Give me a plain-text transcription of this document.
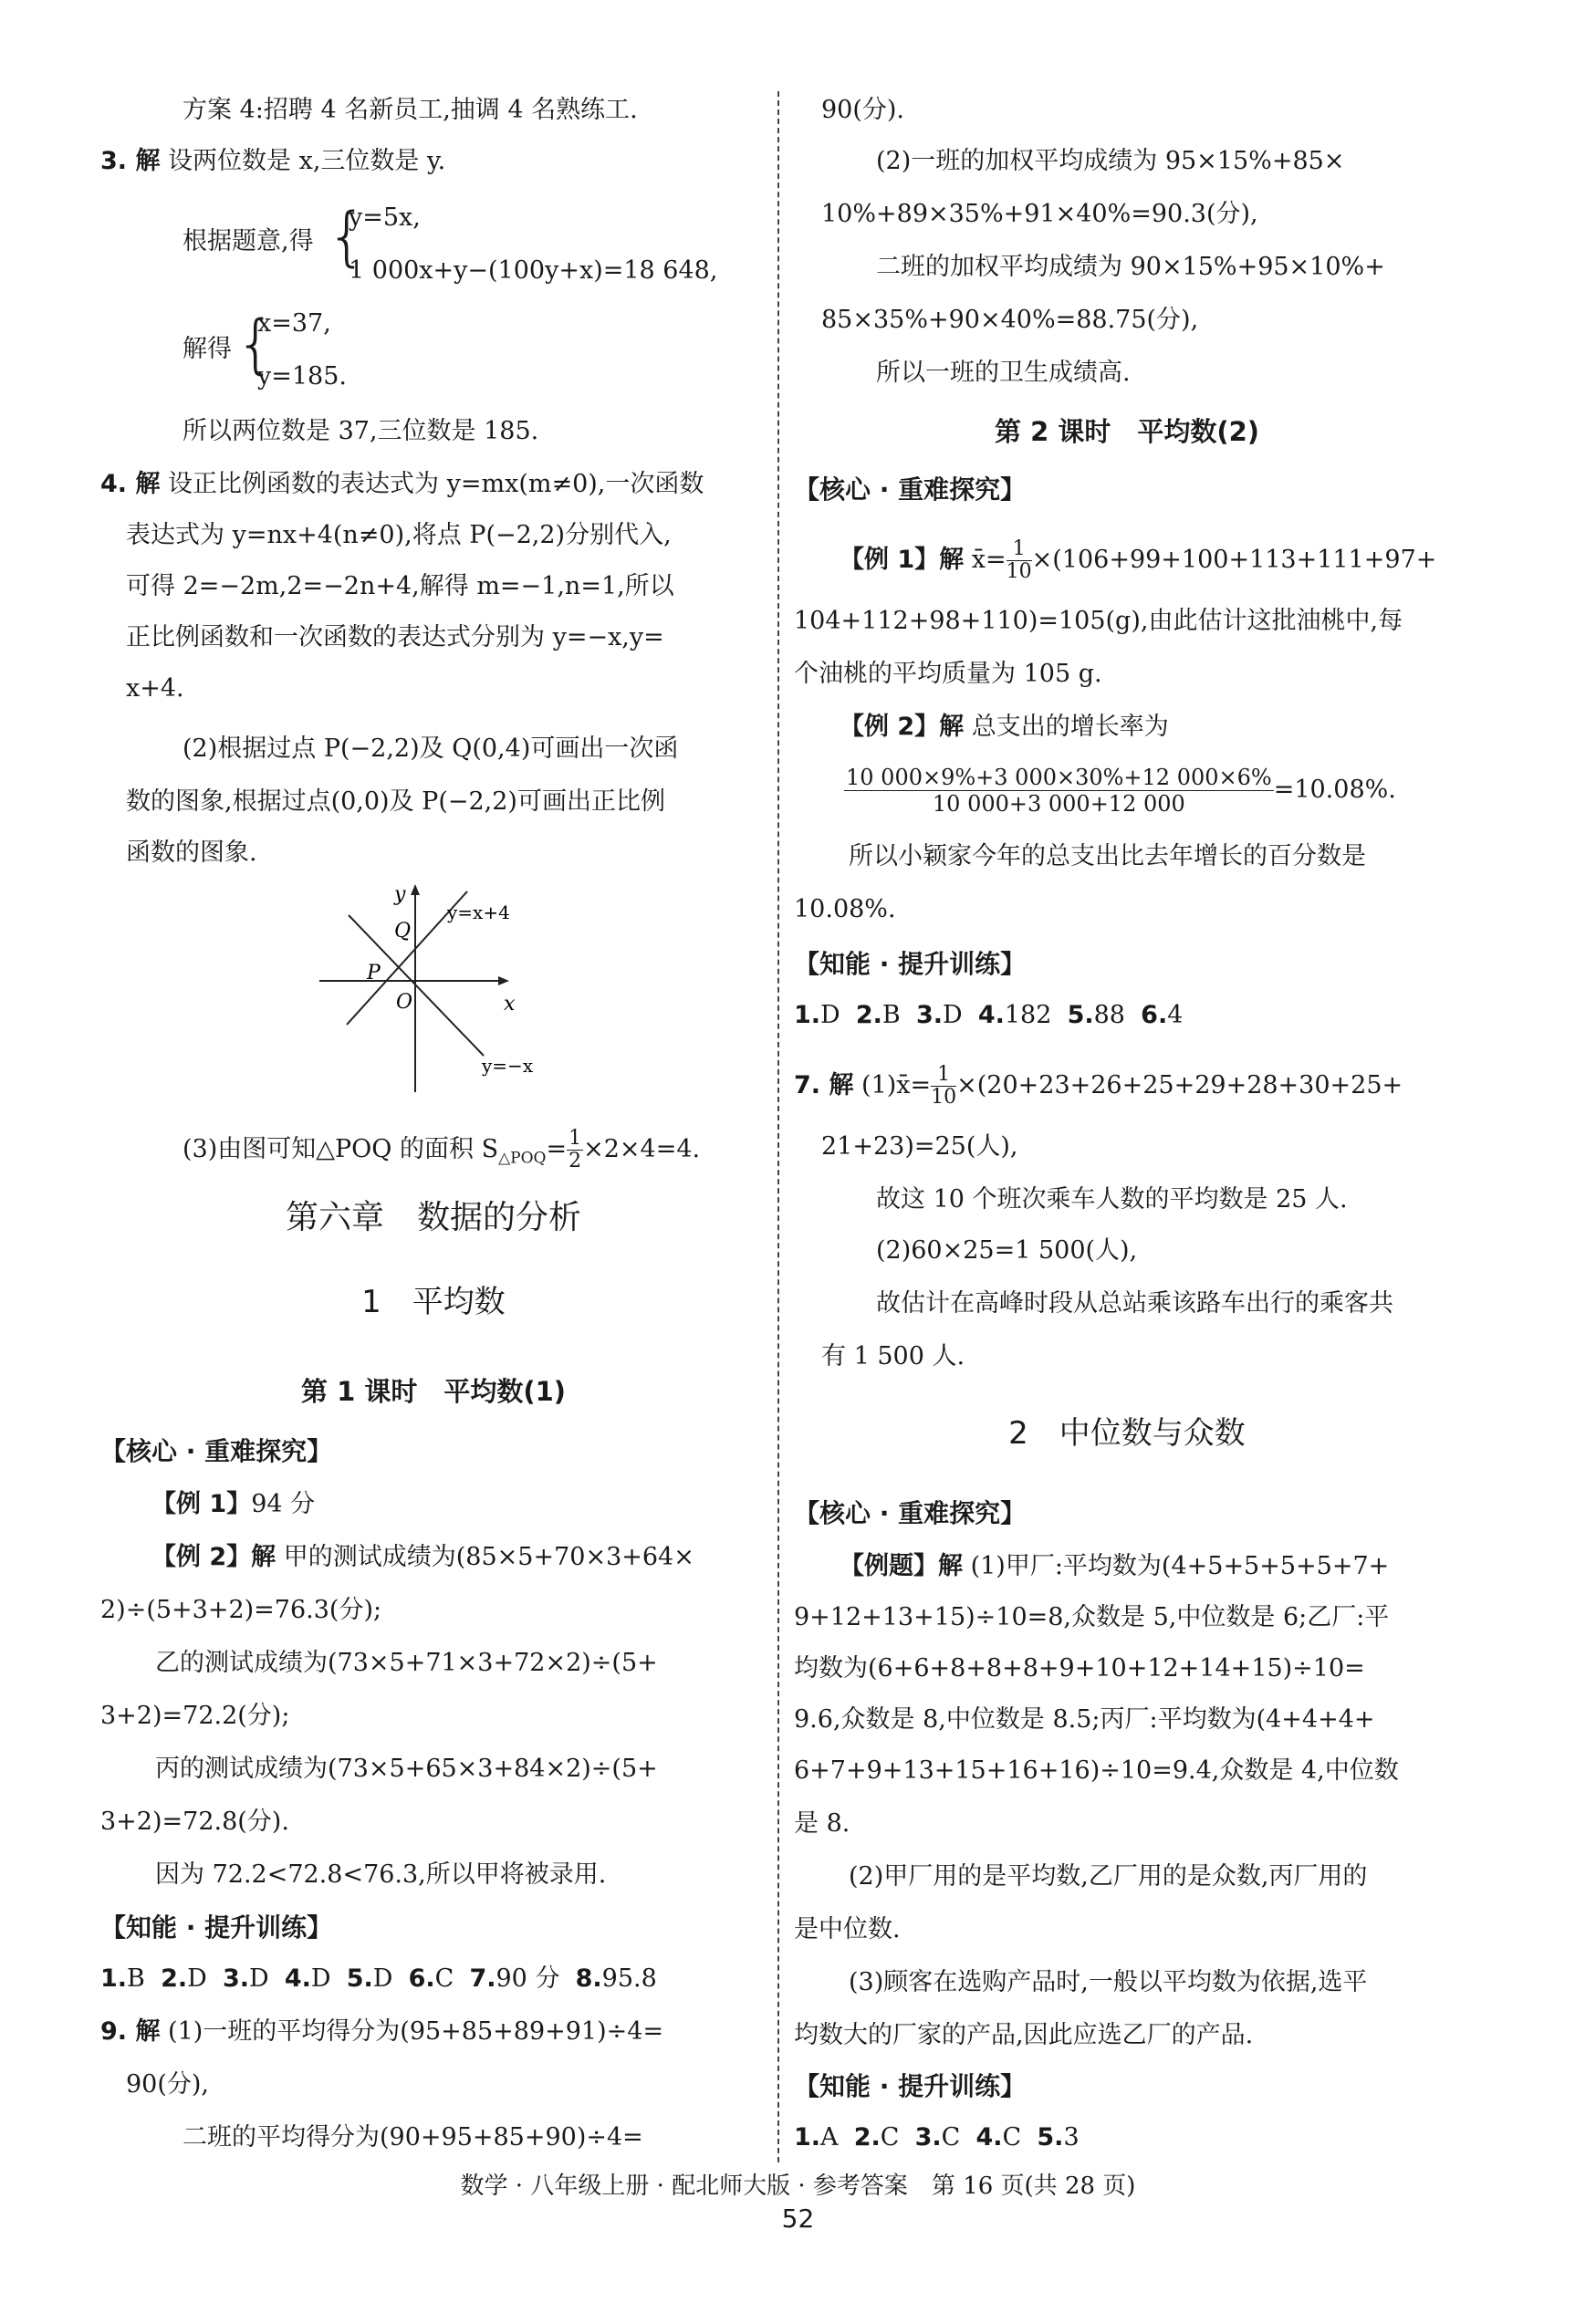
方案 4:招聘 4 名新员工,抽调 4 名熟练工.
3. 解 设两位数是 x,三位数是 y.
根据题意,得 {
y=5x,
1 000x+y−(100y+x)=18 648,
解得 {
x=37,
y=185.
所以两位数是 37,三位数是 185.
4. 解 设正比例函数的表达式为 y=mx(m≠0),一次函数
表达式为 y=nx+4(n≠0),将点 P(−2,2)分别代入,
可得 2=−2m,2=−2n+4,解得 m=−1,n=1,所以
正比例函数和一次函数的表达式分别为 y=−x,y=
x+4.
(2)根据过点 P(−2,2)及 Q(0,4)可画出一次函
数的图象,根据过点(0,0)及 P(−2,2)可画出正比例
函数的图象.
x
y
O
P
Q
y=x+4
y=−x
(3)由图可知△POQ 的面积 $S_{\triangle POQ}= \frac{1}{2} \times 2\times 4=4$.
第六章　数据的分析
1　平均数
第 1 课时　平均数(1)
【核心 · 重难探究】
【例 1】94 分
【例 2】解 甲的测试成绩为(85×5+70×3+64×
2)÷(5+3+2)=76.3(分);
乙的测试成绩为(73×5+71×3+72×2)÷(5+
3+2)=72.2(分);
丙的测试成绩为(73×5+65×3+84×2)÷(5+
3+2)=72.8(分).
因为 72.2<72.8<76.3,所以甲将被录用.
【知能 · 提升训练】
1.B 2.D 3.D 4.D 5.D 6.C 7.90 分 8.95.8
9. 解 (1)一班的平均得分为(95+85+89+91)÷4=
90(分),
二班的平均得分为(90+95+85+90)÷4=
90(分).
(2)一班的加权平均成绩为 95×15%+85×
10%+89×35%+91×40%=90.3(分),
二班的加权平均成绩为 90×15%+95×10%+
85×35%+90×40%=88.75(分),
所以一班的卫生成绩高.
第 2 课时　平均数(2)
【核心 · 重难探究】
【例 1】解 x̄= $\frac{1}{10} \times(106+99+100+113+111+97+$
104+112+98+110)=105(g),由此估计这批油桃中,每
个油桃的平均质量为 105 g.
【例 2】解 总支出的增长率为
$\frac{10 000\times 9\%+3 000\times 30\%+12 000\times 6\%}{10 000+3 000+12 000} =10.08\%$.
所以小颖家今年的总支出比去年增长的百分数是
10.08%.
【知能 · 提升训练】
1.D 2.B 3.D 4.182 5.88 6.4
7. 解 (1)x̄= $\frac{1}{10} \times(20+23+26+25+29+28+30+25+$
21+23)=25(人),
故这 10 个班次乘车人数的平均数是 25 人.
(2)60×25=1 500(人),
故估计在高峰时段从总站乘该路车出行的乘客共
有 1 500 人.
2　中位数与众数
【核心 · 重难探究】
【例题】解 (1)甲厂:平均数为(4+5+5+5+5+7+
9+12+13+15)÷10=8,众数是 5,中位数是 6;乙厂:平
均数为(6+6+8+8+8+9+10+12+14+15)÷10=
9.6,众数是 8,中位数是 8.5;丙厂:平均数为(4+4+4+
6+7+9+13+15+16+16)÷10=9.4,众数是 4,中位数
是 8.
(2)甲厂用的是平均数,乙厂用的是众数,丙厂用的
是中位数.
(3)顾客在选购产品时,一般以平均数为依据,选平
均数大的厂家的产品,因此应选乙厂的产品.
【知能 · 提升训练】
1.A 2.C 3.C 4.C 5.3
数学 · 八年级上册 · 配北师大版 · 参考答案　第 16 页(共 28 页)
52
